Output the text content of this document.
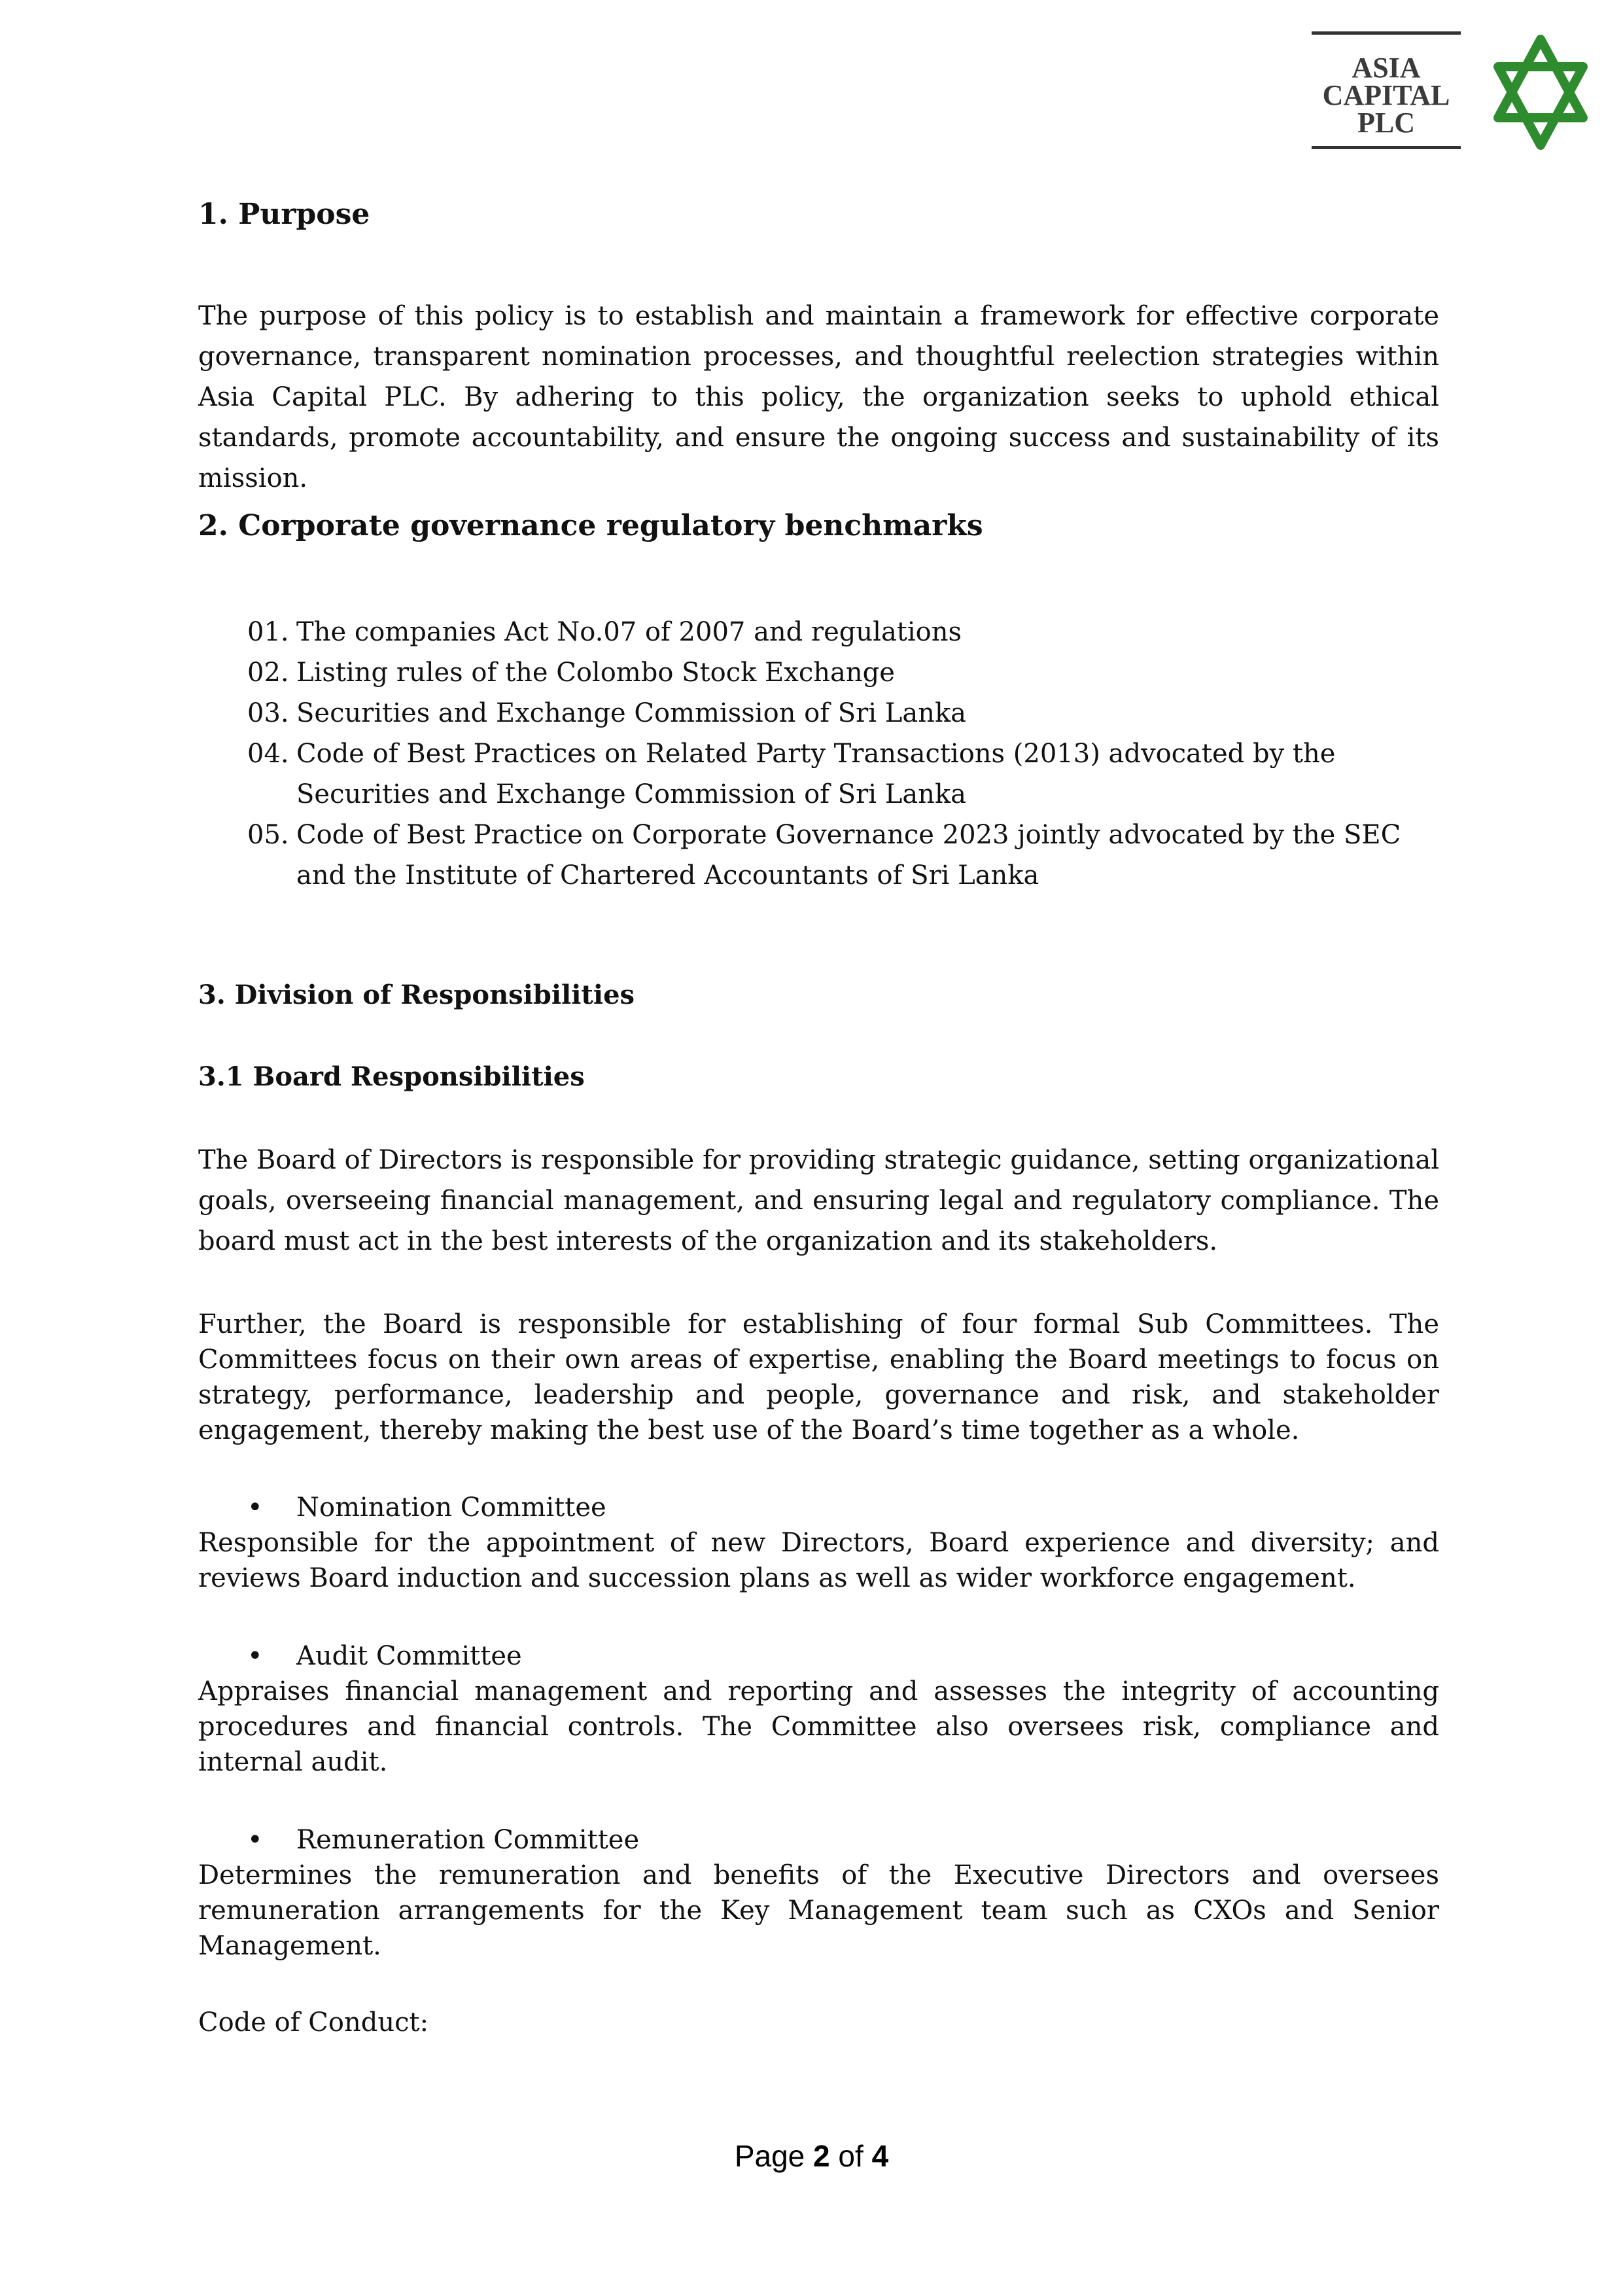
ASIA
CAPITAL
PLC
1. Purpose

The purpose of this policy is to establish and maintain a framework for effective corporate governance, transparent nomination processes, and thoughtful reelection strategies within Asia Capital PLC. By adhering to this policy, the organization seeks to uphold ethical standards, promote accountability, and ensure the ongoing success and sustainability of its mission.

2. Corporate governance regulatory benchmarks
01. The companies Act No.07 of 2007 and regulations
02. Listing rules of the Colombo Stock Exchange
03. Securities and Exchange Commission of Sri Lanka
04. Code of Best Practices on Related Party Transactions (2013) advocated by the Securities and Exchange Commission of Sri Lanka
05. Code of Best Practice on Corporate Governance 2023 jointly advocated by the SEC and the Institute of Chartered Accountants of Sri Lanka
3. Division of Responsibilities
3.1 Board Responsibilities

The Board of Directors is responsible for providing strategic guidance, setting organizational goals, overseeing financial management, and ensuring legal and regulatory compliance. The board must act in the best interests of the organization and its stakeholders.

Further, the Board is responsible for establishing of four formal Sub Committees. The Committees focus on their own areas of expertise, enabling the Board meetings to focus on strategy, performance, leadership and people, governance and risk, and stakeholder engagement, thereby making the best use of the Board’s time together as a whole.

• Nomination Committee

Responsible for the appointment of new Directors, Board experience and diversity; and reviews Board induction and succession plans as well as wider workforce engagement.

• Audit Committee

Appraises financial management and reporting and assesses the integrity of accounting procedures and financial controls. The Committee also oversees risk, compliance and internal audit.

• Remuneration Committee

Determines the remuneration and benefits of the Executive Directors and oversees remuneration arrangements for the Key Management team such as CXOs and Senior Management.

Code of Conduct:

Page 2 of 4
